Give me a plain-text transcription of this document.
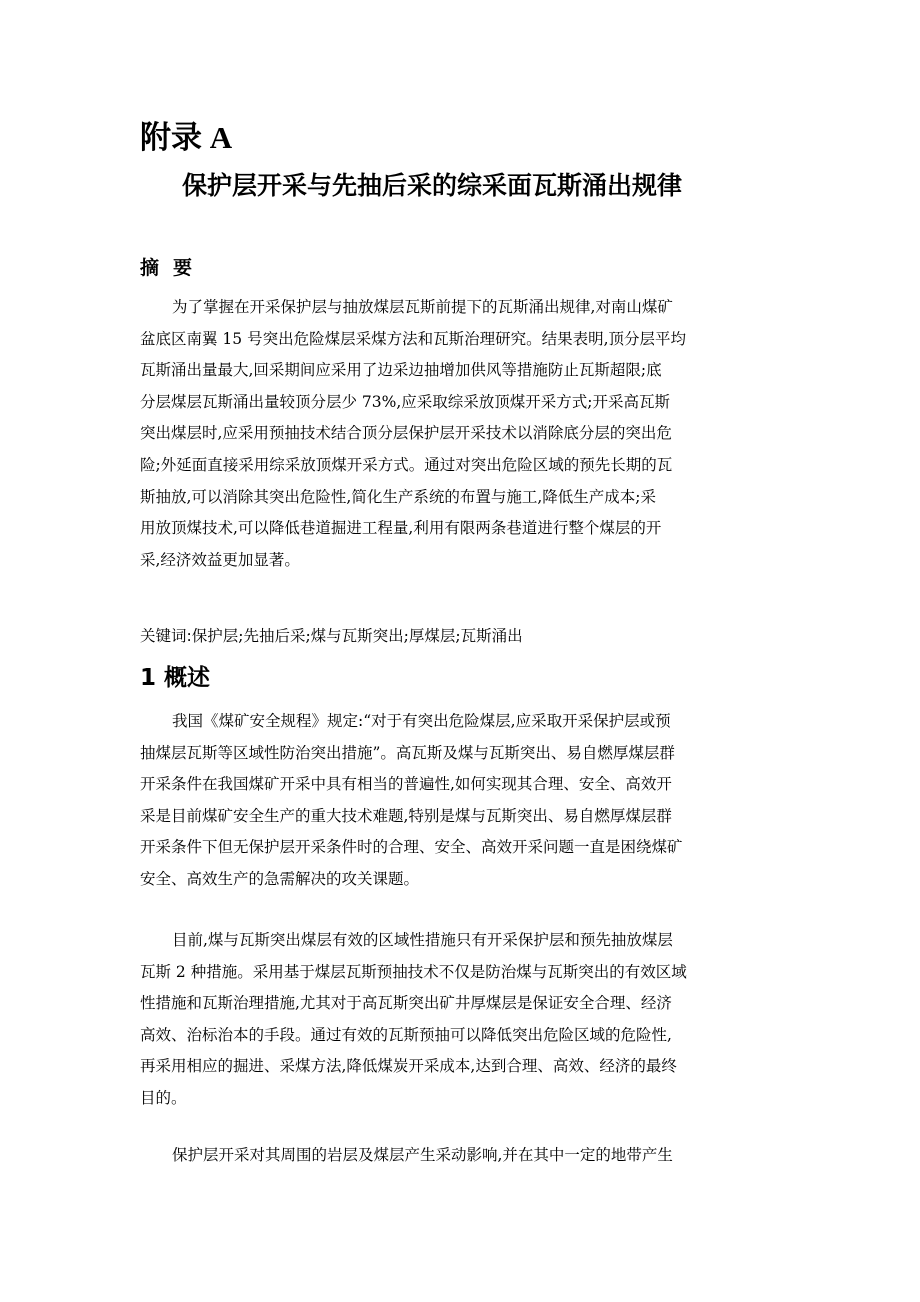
附录 A
保护层开采与先抽后采的综采面瓦斯涌出规律
摘要
为了掌握在开采保护层与抽放煤层瓦斯前提下的瓦斯涌出规律,对南山煤矿
盆底区南翼 15 号突出危险煤层采煤方法和瓦斯治理研究。结果表明,顶分层平均
瓦斯涌出量最大,回采期间应采用了边采边抽增加供风等措施防止瓦斯超限;底
分层煤层瓦斯涌出量较顶分层少 73%,应采取综采放顶煤开采方式;开采高瓦斯
突出煤层时,应采用预抽技术结合顶分层保护层开采技术以消除底分层的突出危
险;外延面直接采用综采放顶煤开采方式。通过对突出危险区域的预先长期的瓦
斯抽放,可以消除其突出危险性,简化生产系统的布置与施工,降低生产成本;采
用放顶煤技术,可以降低巷道掘进工程量,利用有限两条巷道进行整个煤层的开
采,经济效益更加显著。
关键词:保护层;先抽后采;煤与瓦斯突出;厚煤层;瓦斯涌出
1 概述
我国《煤矿安全规程》规定:“对于有突出危险煤层,应采取开采保护层或预
抽煤层瓦斯等区域性防治突出措施”。高瓦斯及煤与瓦斯突出、易自燃厚煤层群
开采条件在我国煤矿开采中具有相当的普遍性,如何实现其合理、安全、高效开
采是目前煤矿安全生产的重大技术难题,特别是煤与瓦斯突出、易自燃厚煤层群
开采条件下但无保护层开采条件时的合理、安全、高效开采问题一直是困绕煤矿
安全、高效生产的急需解决的攻关课题。
目前,煤与瓦斯突出煤层有效的区域性措施只有开采保护层和预先抽放煤层
瓦斯 2 种措施。采用基于煤层瓦斯预抽技术不仅是防治煤与瓦斯突出的有效区域
性措施和瓦斯治理措施,尤其对于高瓦斯突出矿井厚煤层是保证安全合理、经济
高效、治标治本的手段。通过有效的瓦斯预抽可以降低突出危险区域的危险性,
再采用相应的掘进、采煤方法,降低煤炭开采成本,达到合理、高效、经济的最终
目的。
保护层开采对其周围的岩层及煤层产生采动影响,并在其中一定的地带产生
